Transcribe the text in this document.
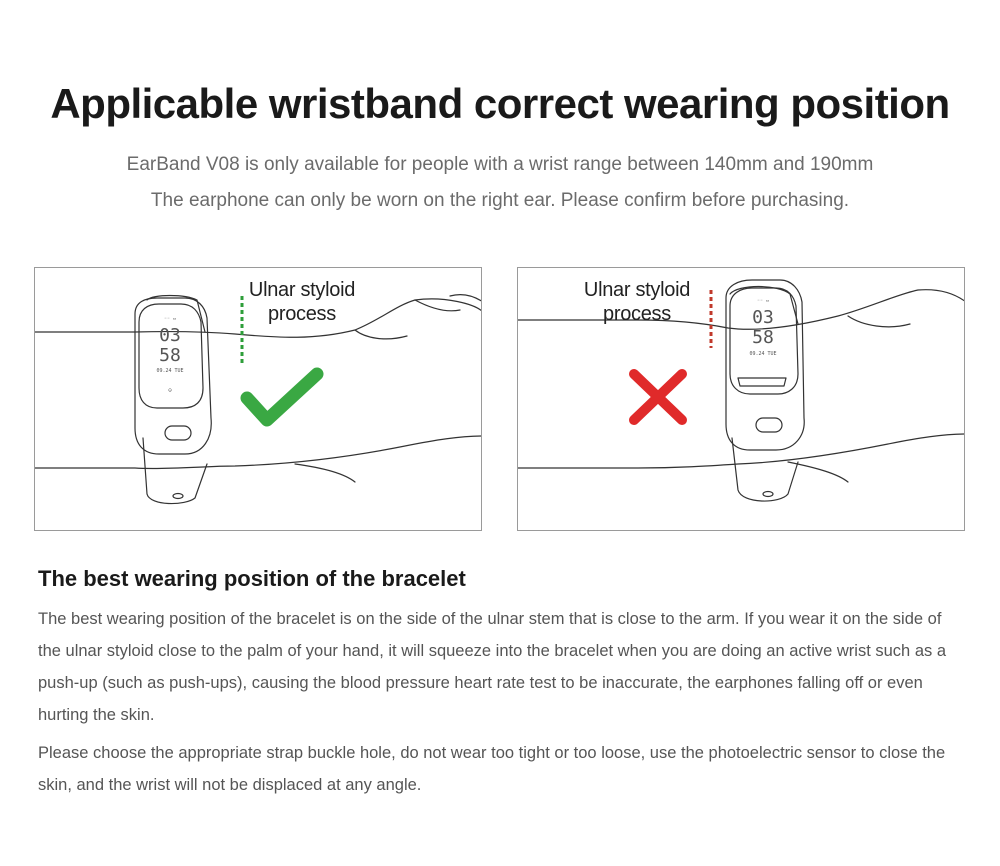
Applicable wristband correct wearing position

EarBand V08 is only available for people with a wrist range between 140mm and 190mm

The earphone can only be worn on the right ear. Please confirm before purchasing.

◦◦ ▭
03
58
09.24 TUE
⊝
Ulnar styloid
process
◦◦ ▭
03
58
09.24 TUE
Ulnar styloid
process
The best wearing position of the bracelet

The best wearing position of the bracelet is on the side of the ulnar stem that is close to the arm. If you wear it on the side of the ulnar styloid close to the palm of your hand, it will squeeze into the bracelet when you are doing an active wrist such as a push-up (such as push-ups), causing the blood pressure heart rate test to be inaccurate, the earphones falling off or even hurting the skin.

Please choose the appropriate strap buckle hole, do not wear too tight or too loose, use the photoelectric sensor to close the skin, and the wrist will not be displaced at any angle.
